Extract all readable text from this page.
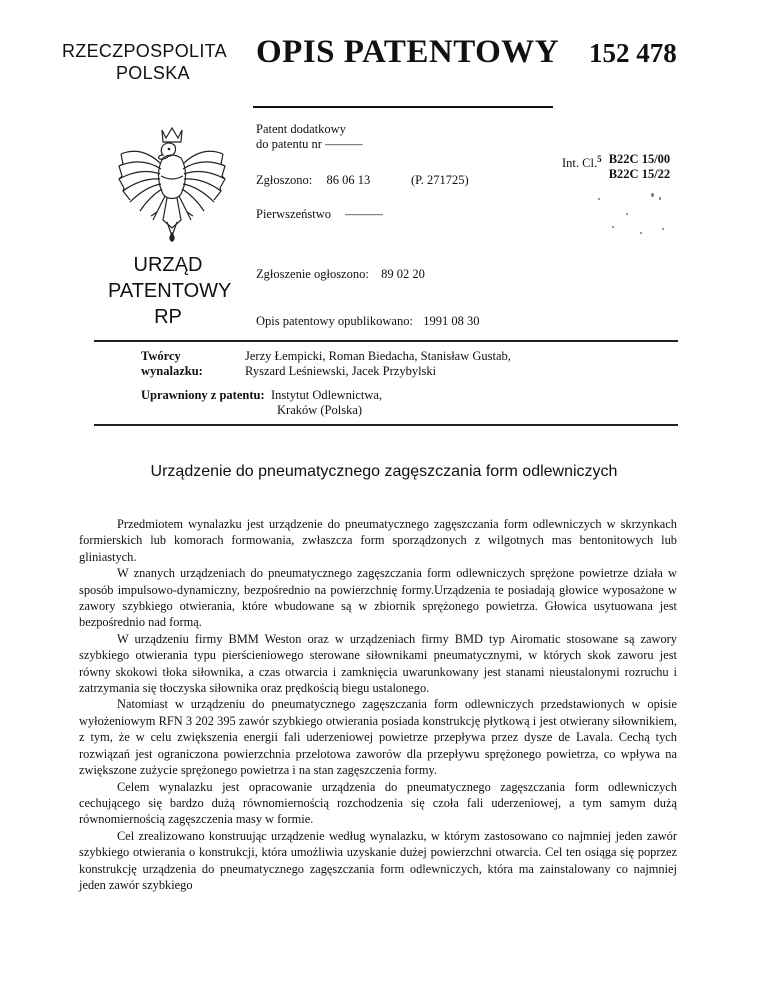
RZECZPOSPOLITA
POLSKA
OPIS PATENTOWY 152 478
URZĄD
PATENTOWY
RP
Patent dodatkowy
do patentu nr ———
Zgłoszono: 86 06 13	(P. 271725)
Int. Cl.$^5$ B22C 15/00
B22C 15/22
Pierwszeństwo ———
Zgłoszenie ogłoszono: 89 02 20
Opis patentowy opublikowano: 1991 08 30
Twórcy wynalazku:
Jerzy Łempicki, Roman Biedacha, Stanisław Gustab,
Ryszard Leśniewski, Jacek Przybylski
Uprawniony z patentu: Instytut Odlewnictwa,
Kraków (Polska)
Urządzenie do pneumatycznego zagęszczania form odlewniczych

Przedmiotem wynalazku jest urządzenie do pneumatycznego zagęszczania form odlewniczych w skrzynkach formierskich lub komorach formowania, zwłaszcza form sporządzonych z wilgotnych mas bentonitowych lub gliniastych.

W znanych urządzeniach do pneumatycznego zagęszczania form odlewniczych sprężone powietrze działa w sposób impulsowo-dynamiczny, bezpośrednio na powierzchnię formy.Urządzenia te posiadają głowice wyposażone w zawory szybkiego otwierania, które wbudowane są w zbiornik sprężonego powietrza. Głowica usytuowana jest bezpośrednio nad formą.

W urządzeniu firmy BMM Weston oraz w urządzeniach firmy BMD typ Airomatic stosowane są zawory szybkiego otwierania typu pierścieniowego sterowane siłownikami pneumatycznymi, w których skok zaworu jest równy skokowi tłoka siłownika, a czas otwarcia i zamknięcia uwarunkowany jest stanami nieustalonymi rozruchu i zatrzymania się tłoczyska siłownika oraz prędkością biegu ustalonego.

Natomiast w urządzeniu do pneumatycznego zagęszczania form odlewniczych przedstawionych w opisie wyłożeniowym RFN 3 202 395 zawór szybkiego otwierania posiada konstrukcję płytkową i jest otwierany siłownikiem, z tym, że w celu zwiększenia energii fali uderzeniowej powietrze przepływa przez dysze de Lavala. Cechą tych rozwiązań jest ograniczona powierzchnia przelotowa zaworów dla przepływu sprężonego powietrza, co wpływa na zwiększone zużycie sprężonego powietrza i na stan zagęszczenia formy.

Celem wynalazku jest opracowanie urządzenia do pneumatycznego zagęszczania form odlewniczych cechującego się bardzo dużą równomiernością rozchodzenia się czoła fali uderzeniowej, a tym samym dużą równomiernością zagęszczenia masy w formie.

Cel zrealizowano konstruując urządzenie według wynalazku, w którym zastosowano co najmniej jeden zawór szybkiego otwierania o konstrukcji, która umożliwia uzyskanie dużej powierzchni otwarcia. Cel ten osiąga się poprzez konstrukcję urządzenia do pneumatycznego zagęszczania form odlewniczych, która ma zainstalowany co najmniej jeden zawór szybkiego
